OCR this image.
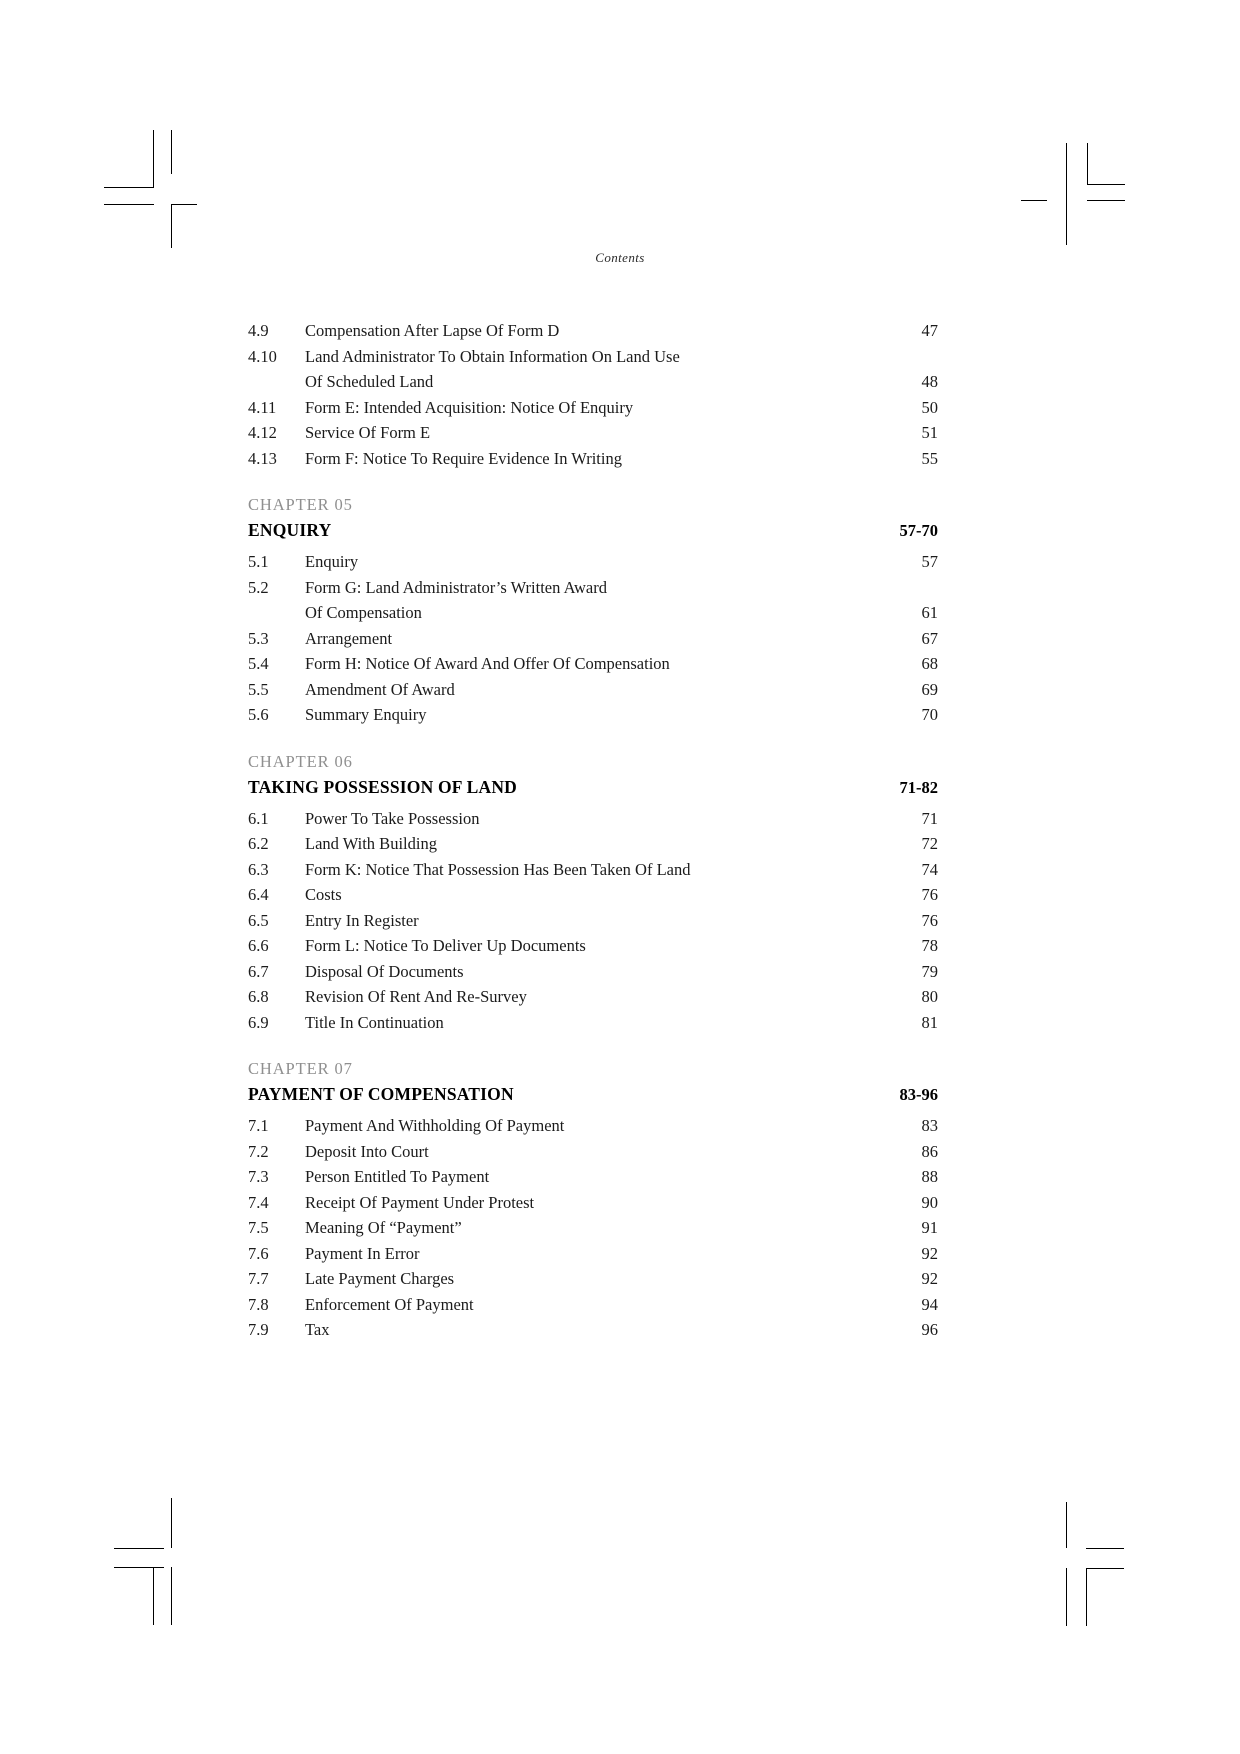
Contents
4.9	Compensation After Lapse Of Form D	47
4.10	Land Administrator To Obtain Information On Land Use
Of Scheduled Land	48
4.11	Form E: Intended Acquisition: Notice Of Enquiry	50
4.12	Service Of Form E	51
4.13	Form F: Notice To Require Evidence In Writing	55
CHAPTER 05
ENQUIRY	57-70
5.1	Enquiry	57
5.2	Form G: Land Administrator’s Written Award
Of Compensation	61
5.3	Arrangement	67
5.4	Form H: Notice Of Award And Offer Of Compensation	68
5.5	Amendment Of Award	69
5.6	Summary Enquiry	70
CHAPTER 06
TAKING POSSESSION OF LAND	71-82
6.1	Power To Take Possession	71
6.2	Land With Building	72
6.3	Form K: Notice That Possession Has Been Taken Of Land	74
6.4	Costs	76
6.5	Entry In Register	76
6.6	Form L: Notice To Deliver Up Documents	78
6.7	Disposal Of Documents	79
6.8	Revision Of Rent And Re-Survey	80
6.9	Title In Continuation	81
CHAPTER 07
PAYMENT OF COMPENSATION	83-96
7.1	Payment And Withholding Of Payment	83
7.2	Deposit Into Court	86
7.3	Person Entitled To Payment	88
7.4	Receipt Of Payment Under Protest	90
7.5	Meaning Of “Payment”	91
7.6	Payment In Error	92
7.7	Late Payment Charges	92
7.8	Enforcement Of Payment	94
7.9	Tax	96
